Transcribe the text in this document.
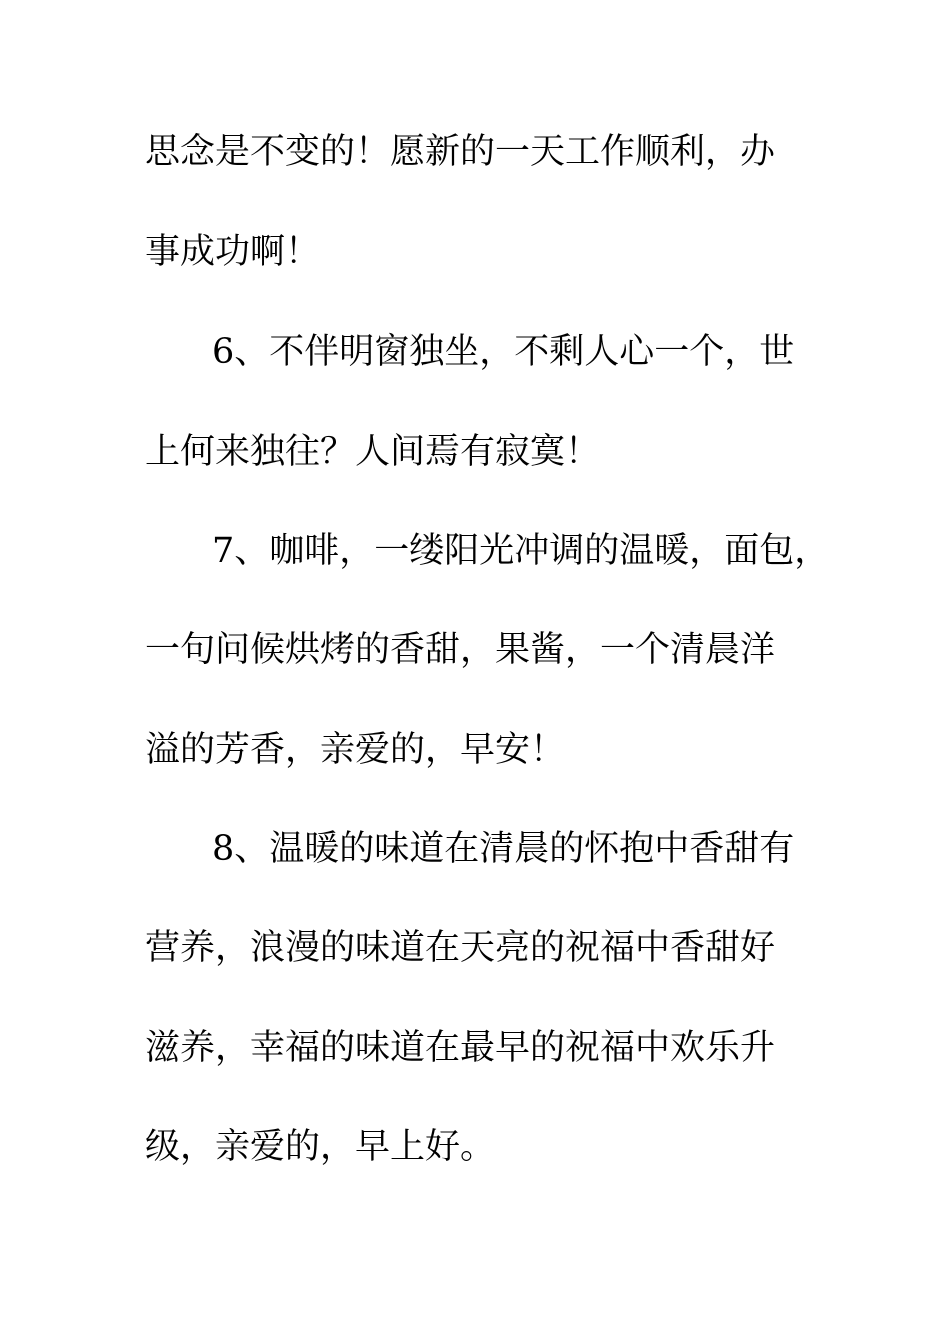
思念是不变的！愿新的一天工作顺利，办
事成功啊！
6、不伴明窗独坐，不剩人心一个，世
上何来独往？人间焉有寂寞！
7、咖啡，一缕阳光冲调的温暖，面包，
一句问候烘烤的香甜，果酱，一个清晨洋
溢的芳香，亲爱的，早安！
8、温暖的味道在清晨的怀抱中香甜有
营养，浪漫的味道在天亮的祝福中香甜好
滋养，幸福的味道在最早的祝福中欢乐升
级，亲爱的，早上好。
